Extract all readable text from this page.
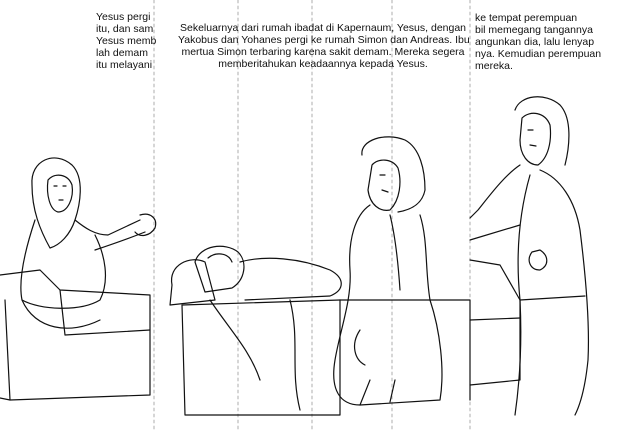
Yesus pergi
itu, dan sam
Yesus memb
lah demam
itu melayani
Sekeluarnya dari rumah ibadat di Kapernaum, Yesus, dengan
Yakobus dan Yohanes pergi ke rumah Simon dan Andreas. Ibu
mertua Simon terbaring karena sakit demam. Mereka segera
memberitahukan keadaannya kepada Yesus.
ke tempat perempuan
bil memegang tangannya
angunkan dia, lalu lenyap
nya. Kemudian perempuan
mereka.
